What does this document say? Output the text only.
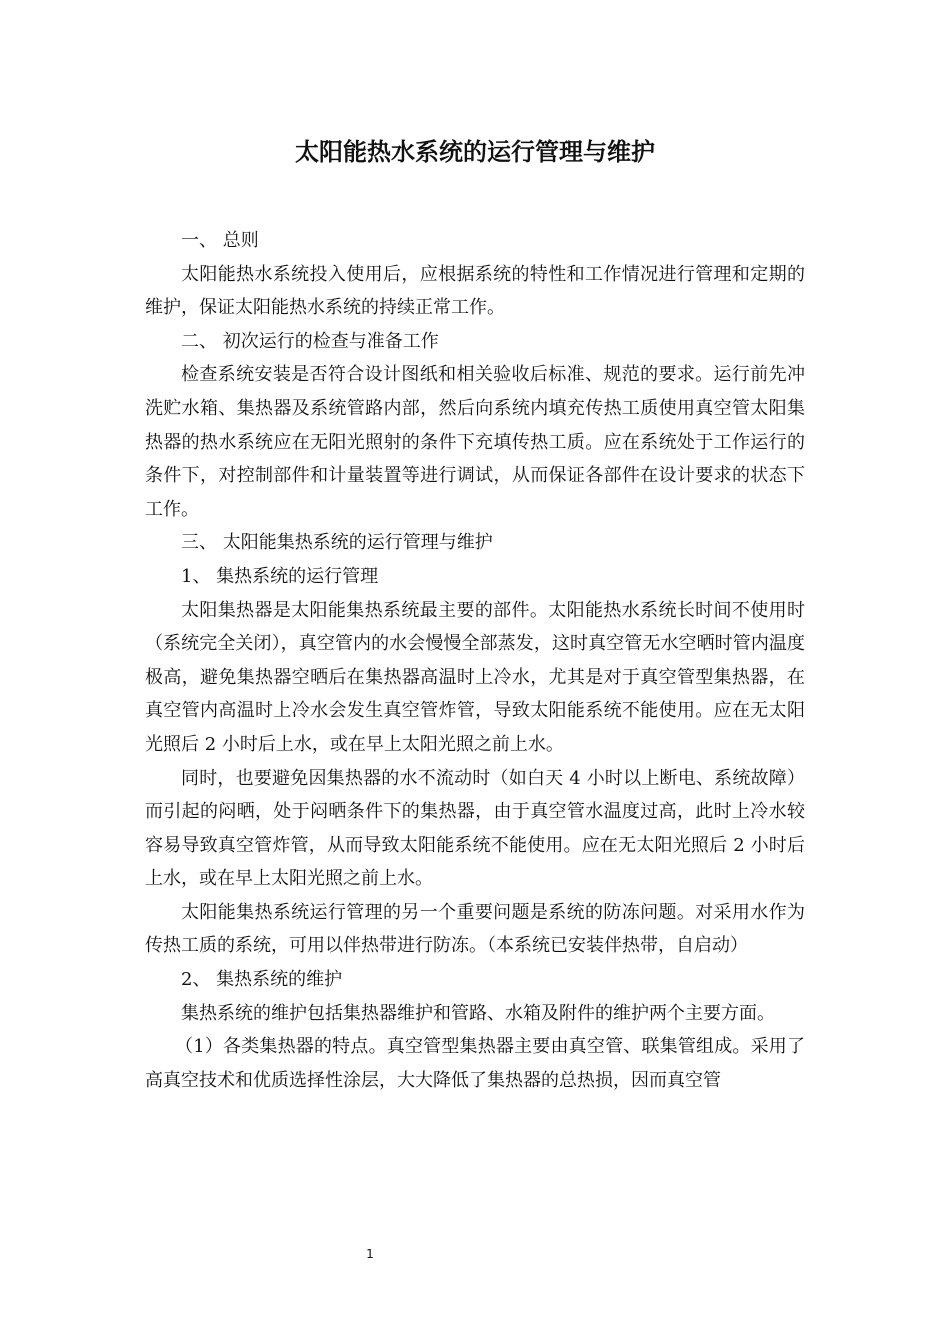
太阳能热水系统的运行管理与维护

一、 总则

太阳能热水系统投入使用后，应根据系统的特性和工作情况进行管理和定期的维护，保证太阳能热水系统的持续正常工作。

二、 初次运行的检查与准备工作

检查系统安装是否符合设计图纸和相关验收后标准、规范的要求。运行前先冲洗贮水箱、集热器及系统管路内部，然后向系统内填充传热工质使用真空管太阳集热器的热水系统应在无阳光照射的条件下充填传热工质。应在系统处于工作运行的条件下，对控制部件和计量装置等进行调试，从而保证各部件在设计要求的状态下工作。

三、 太阳能集热系统的运行管理与维护

1、 集热系统的运行管理

太阳集热器是太阳能集热系统最主要的部件。太阳能热水系统长时间不使用时（系统完全关闭），真空管内的水会慢慢全部蒸发，这时真空管无水空晒时管内温度极高，避免集热器空晒后在集热器高温时上冷水，尤其是对于真空管型集热器，在真空管内高温时上冷水会发生真空管炸管，导致太阳能系统不能使用。应在无太阳光照后 2 小时后上水，或在早上太阳光照之前上水。

同时，也要避免因集热器的水不流动时（如白天 4 小时以上断电、系统故障）而引起的闷晒，处于闷晒条件下的集热器，由于真空管水温度过高，此时上冷水较容易导致真空管炸管，从而导致太阳能系统不能使用。应在无太阳光照后 2 小时后上水，或在早上太阳光照之前上水。

太阳能集热系统运行管理的另一个重要问题是系统的防冻问题。对采用水作为传热工质的系统，可用以伴热带进行防冻。（本系统已安装伴热带，自启动）

2、 集热系统的维护

集热系统的维护包括集热器维护和管路、水箱及附件的维护两个主要方面。

（1）各类集热器的特点。真空管型集热器主要由真空管、联集管组成。采用了高真空技术和优质选择性涂层，大大降低了集热器的总热损，因而真空管

1
